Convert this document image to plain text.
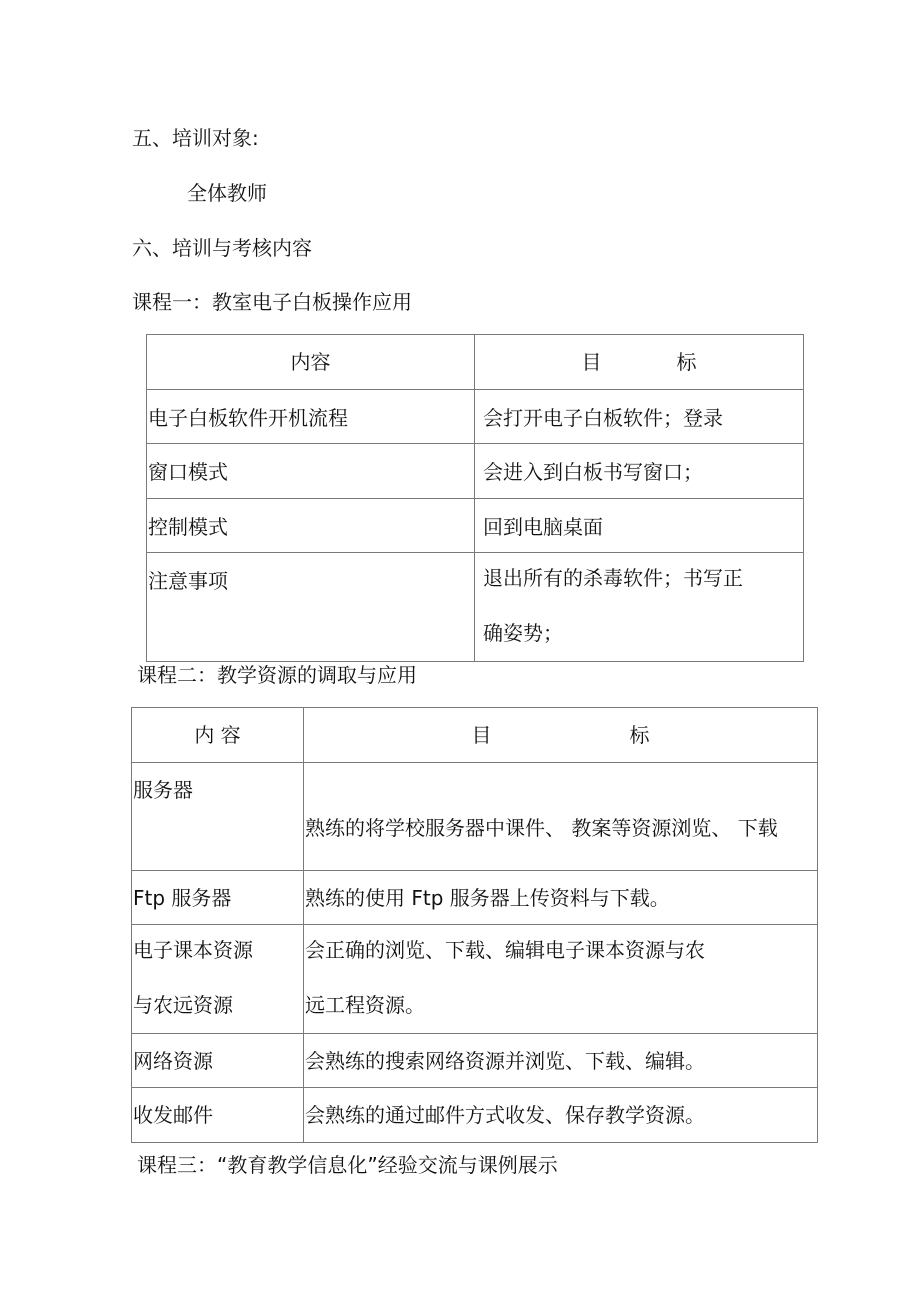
五、培训对象:
全体教师
六、培训与考核内容
课程一：教室电子白板操作应用
内容	目 标

电子白板软件开机流程	会打开电子白板软件；登录

窗口模式	会进入到白板书写窗口；

控制模式	回到电脑桌面

注意事项	退出所有的杀毒软件；书写正
确姿势；
课程二：教学资源的调取与应用
内 容	目 标

服务器	熟练的将学校服务器中课件、 教案等资源浏览、 下载

Ftp 服务器	熟练的使用 Ftp 服务器上传资料与下载。

电子课本资源
与农远资源	会正确的浏览、下载、编辑电子课本资源与农
远工程资源。

网络资源	会熟练的搜索网络资源并浏览、下载、编辑。

收发邮件	会熟练的通过邮件方式收发、保存教学资源。
课程三：“教育教学信息化”经验交流与课例展示
